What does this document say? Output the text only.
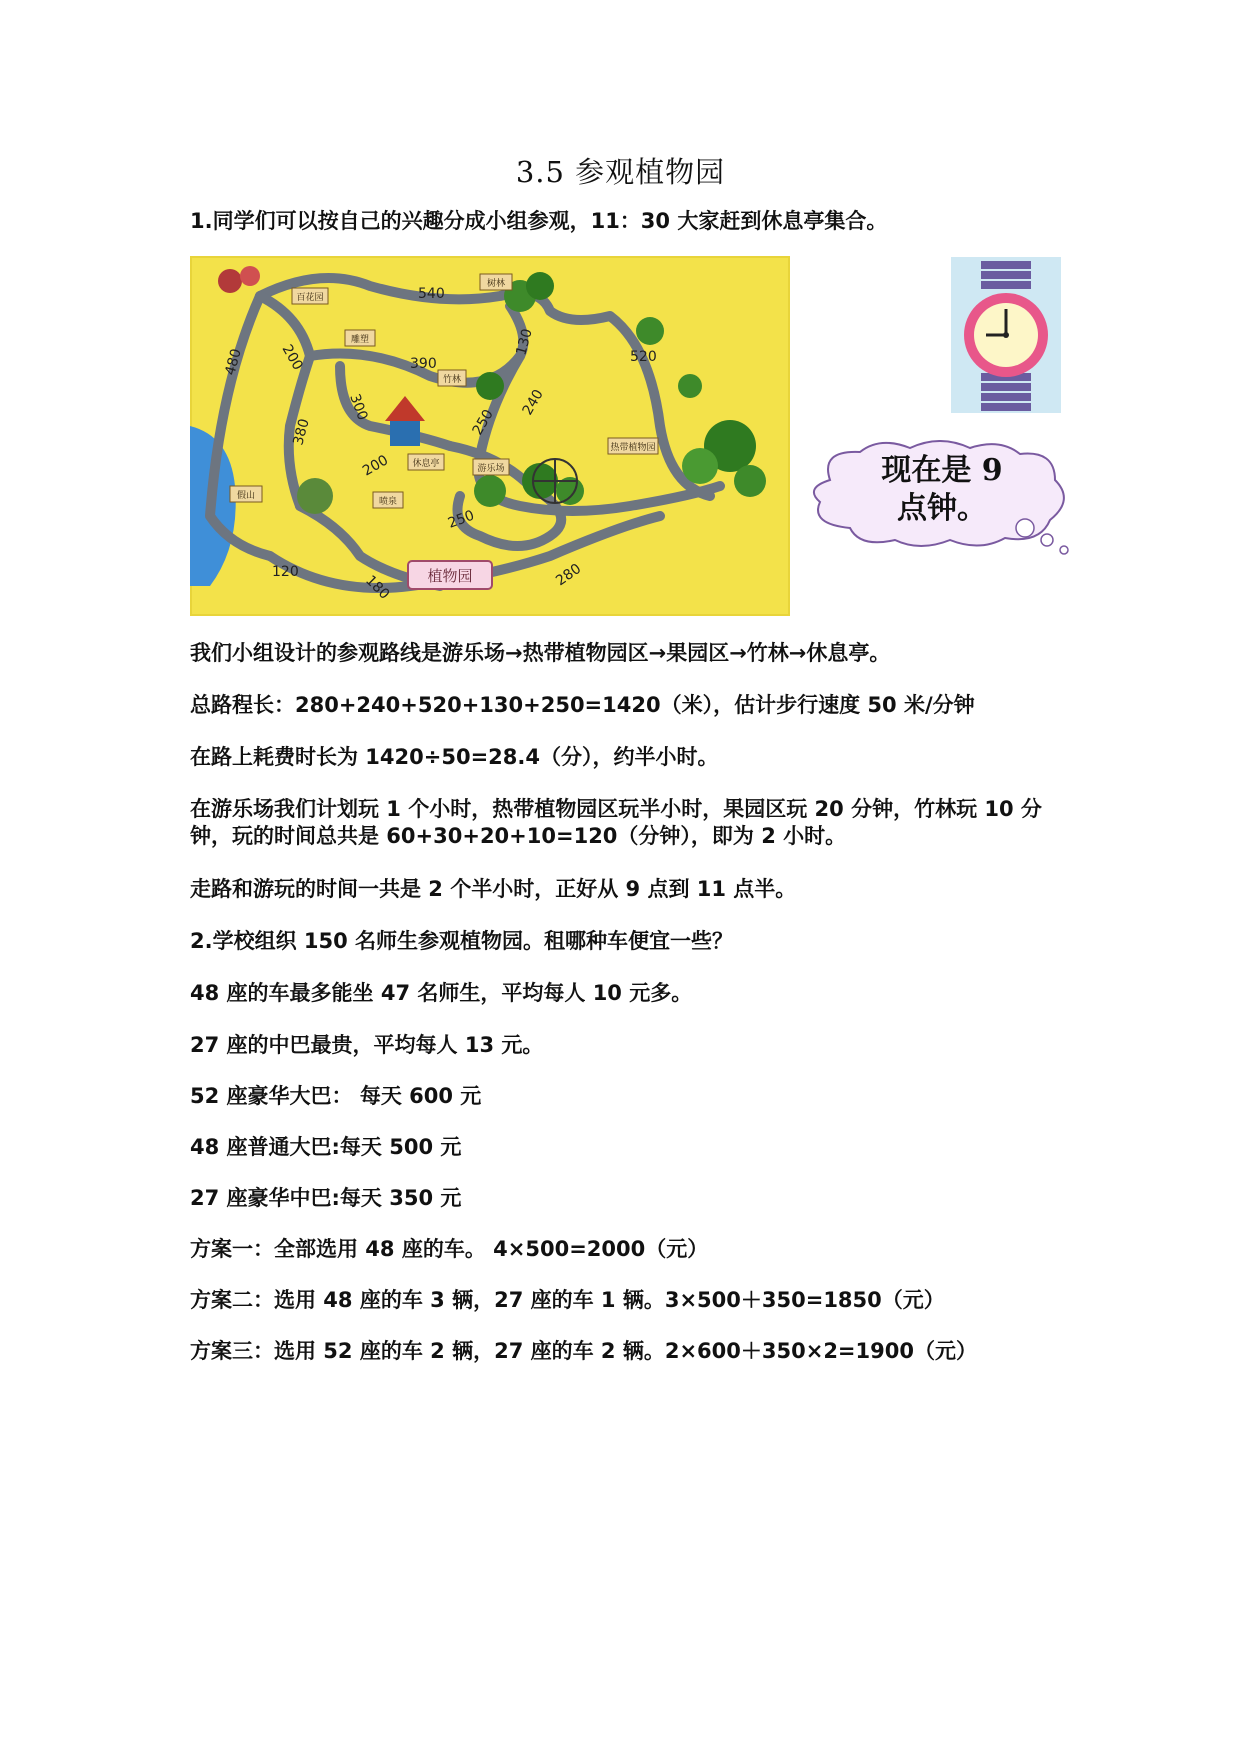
3.5 参观植物园
1.同学们可以按自己的兴趣分成小组参观，11：30 大家赶到休息亭集合。
植物园
百花园
树林
雕塑
竹林
休息亭	游乐场
热带植物园
假山
喷泉
540
130	520
200
480	390
300
380	250
200
240
250
120
180	280
现在是 9
点钟。
我们小组设计的参观路线是游乐场→热带植物园区→果园区→竹林→休息亭。
总路程长：280+240+520+130+250=1420（米），估计步行速度 50 米/分钟
在路上耗费时长为 1420÷50=28.4（分），约半小时。
在游乐场我们计划玩 1 个小时，热带植物园区玩半小时，果园区玩 20 分钟，竹林玩 10 分钟，玩的时间总共是 60+30+20+10=120（分钟），即为 2 小时。
走路和游玩的时间一共是 2 个半小时，正好从 9 点到 11 点半。
2.学校组织 150 名师生参观植物园。租哪种车便宜一些？
48 座的车最多能坐 47 名师生，平均每人 10 元多。
27 座的中巴最贵，平均每人 13 元。
52 座豪华大巴： 每天 600 元
48 座普通大巴:每天 500 元
27 座豪华中巴:每天 350 元
方案一：全部选用 48 座的车。 4×500=2000（元）
方案二：选用 48 座的车 3 辆，27 座的车 1 辆。3×500＋350=1850（元）
方案三：选用 52 座的车 2 辆，27 座的车 2 辆。2×600＋350×2=1900（元）
